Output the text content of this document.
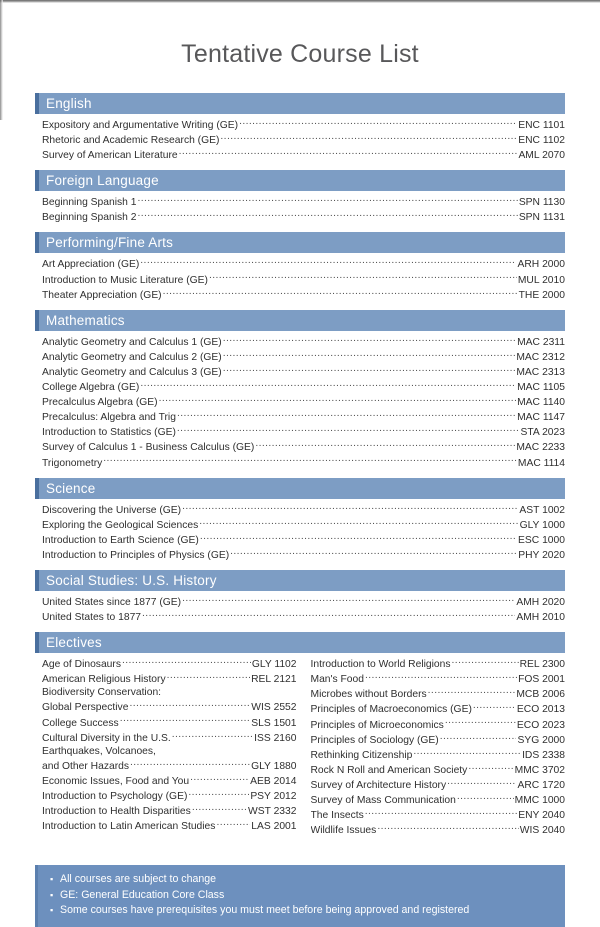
Tentative Course List
English
Expository and Argumentative Writing (GE) .....	ENC 1101
Rhetoric and Academic Research (GE) .....	ENC 1102
Survey of American Literature .....	AML 2070
Foreign Language
Beginning Spanish 1 .....	SPN 1130
Beginning Spanish 2 .....	SPN 1131
Performing/Fine Arts
Art Appreciation (GE) .....	ARH 2000
Introduction to Music Literature (GE) .....	MUL 2010
Theater Appreciation (GE) .....	THE 2000
Mathematics
Analytic Geometry and Calculus 1 (GE) .....	MAC 2311
Analytic Geometry and Calculus 2 (GE) .....	MAC 2312
Analytic Geometry and Calculus 3 (GE) .....	MAC 2313
College Algebra (GE) .....	MAC 1105
Precalculus Algebra (GE) .....	MAC 1140
Precalculus: Algebra and Trig .....	MAC 1147
Introduction to Statistics (GE) .....	STA 2023
Survey of Calculus 1 - Business Calculus (GE) .....	MAC 2233
Trigonometry .....	MAC 1114
Science
Discovering the Universe (GE) .....	AST 1002
Exploring the Geological Sciences .....	GLY 1000
Introduction to Earth Science (GE) .....	ESC 1000
Introduction to Principles of Physics (GE) .....	PHY 2020
Social Studies: U.S. History
United States since 1877 (GE) .....	AMH 2020
United States to 1877 .....	AMH 2010
Electives
Age of Dinosaurs .....	GLY 1102
American Religious History .....	REL 2121
Biodiversity Conservation:
Global Perspective .....	WIS 2552
College Success .....	SLS 1501
Cultural Diversity in the U.S. .....	ISS 2160
Earthquakes, Volcanoes,
and Other Hazards .....	GLY 1880
Economic Issues, Food and You .....	AEB 2014
Introduction to Psychology (GE) .....	PSY 2012
Introduction to Health Disparities .....	WST 2332
Introduction to Latin American Studies .....	LAS 2001
Introduction to World Religions .....	REL 2300
Man's Food .....	FOS 2001
Microbes without Borders .....	MCB 2006
Principles of Macroeconomics (GE) .....	ECO 2013
Principles of Microeconomics .....	ECO 2023
Principles of Sociology (GE) .....	SYG 2000
Rethinking Citizenship .....	IDS 2338
Rock N Roll and American Society .....	MMC 3702
Survey of Architecture History .....	ARC 1720
Survey of Mass Communication .....	MMC 1000
The Insects .....	ENY 2040
Wildlife Issues .....	WIS 2040
▪ All courses are subject to change
▪ GE: General Education Core Class
▪ Some courses have prerequisites you must meet before being approved and registered
